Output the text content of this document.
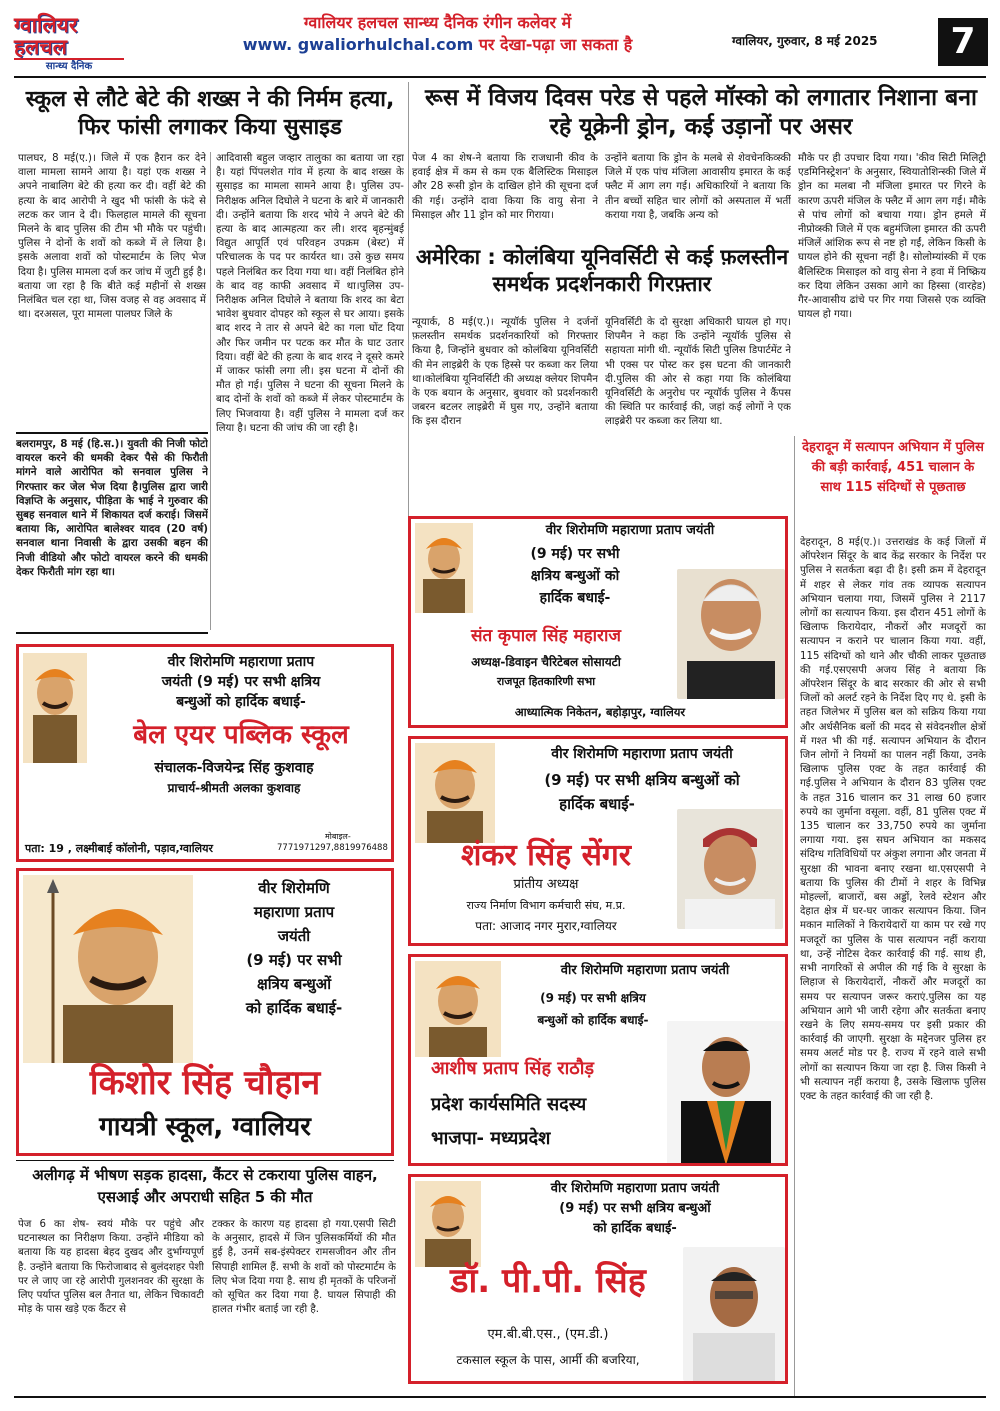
ग्वालियर
हलचल
सान्ध्य दैनिक
ग्वालियर हलचल सान्ध्य दैनिक रंगीन कलेवर में
www. gwaliorhulchal.com पर देखा-पढ़ा जा सकता है	ग्वालियर, गुरुवार, 8 मई 2025	7
स्कूल से लौटे बेटे की शख्स ने की निर्मम हत्या, फिर फांसी लगाकर किया सुसाइड
पालघर, 8 मई(ए.)। जिले में एक हैरान कर देने वाला मामला सामने आया है। यहां एक शख्स ने अपने नाबालिग बेटे की हत्या कर दी। वहीं बेटे की हत्या के बाद आरोपी ने खुद भी फांसी के फंदे से लटक कर जान दे दी। फिलहाल मामले की सूचना मिलने के बाद पुलिस की टीम भी मौके पर पहुंची। पुलिस ने दोनों के शवों को कब्जे में ले लिया है। इसके अलावा शवों को पोस्टमार्टम के लिए भेज दिया है। पुलिस मामला दर्ज कर जांच में जुटी हुई है। बताया जा रहा है कि बीते कई महीनों से शख्स निलंबित चल रहा था, जिस वजह से वह अवसाद में था। दरअसल, पूरा मामला पालघर जिले के
आदिवासी बहुल जव्हार तालुका का बताया जा रहा है। यहां पिंपलशेत गांव में हत्या के बाद शख्स के सुसाइड का मामला सामने आया है। पुलिस उप-निरीक्षक अनिल दिघोले ने घटना के बारे में जानकारी दी। उन्होंने बताया कि शरद भोये ने अपने बेटे की हत्या के बाद आत्महत्या कर ली। शरद बृहन्मुंबई विद्युत आपूर्ति एवं परिवहन उपक्रम (बेस्ट) में परिचालक के पद पर कार्यरत था। उसे कुछ समय पहले निलंबित कर दिया गया था। वहीं निलंबित होने के बाद वह काफी अवसाद में था।पुलिस उप-निरीक्षक अनिल दिघोले ने बताया कि शरद का बेटा भावेश बुधवार दोपहर को स्कूल से घर आया। इसके बाद शरद ने तार से अपने बेटे का गला घोंट दिया और फिर जमीन पर पटक कर मौत के घाट उतार दिया। वहीं बेटे की हत्या के बाद शरद ने दूसरे कमरे में जाकर फांसी लगा ली। इस घटना में दोनों की मौत हो गई। पुलिस ने घटना की सूचना मिलने के बाद दोनों के शवों को कब्जे में लेकर पोस्टमार्टम के लिए भिजवाया है। वहीं पुलिस ने मामला दर्ज कर लिया है। घटना की जांच की जा रही है।
बलरामपुर, 8 मई (हि.स.)। युवती की निजी फोटो वायरल करने की धमकी देकर पैसे की फिरौती मांगने वाले आरोपित को सनवाल पुलिस ने गिरफ्तार कर जेल भेज दिया है।पुलिस द्वारा जारी विज्ञप्ति के अनुसार, पीड़िता के भाई ने गुरुवार की सुबह सनवाल थाने में शिकायत दर्ज कराई। जिसमें बताया कि, आरोपित बालेश्वर यादव (20 वर्ष) सनवाल थाना निवासी के द्वारा उसकी बहन की निजी वीडियो और फोटो वायरल करने की धमकी देकर फिरौती मांग रहा था।
रूस में विजय दिवस परेड से पहले मॉस्को को लगातार निशाना बना रहे यूक्रेनी ड्रोन, कई उड़ानों पर असर
पेज 4 का शेष-ने बताया कि राजधानी कीव के हवाई क्षेत्र में कम से कम एक बैलिस्टिक मिसाइल और 28 रूसी ड्रोन के दाखिल होने की सूचना दर्ज की गई। उन्होंने दावा किया कि वायु सेना ने मिसाइल और 11 ड्रोन को मार गिराया।
उन्होंने बताया कि ड्रोन के मलबे से शेवचेनकिव्स्की जिले में एक पांच मंजिला आवासीय इमारत के कई फ्लैट में आग लग गई। अधिकारियों ने बताया कि तीन बच्चों सहित चार लोगों को अस्पताल में भर्ती कराया गया है, जबकि अन्य को
मौके पर ही उपचार दिया गया। 'कीव सिटी मिलिट्री एडमिनिस्ट्रेशन' के अनुसार, स्वियातोशिन्स्की जिले में ड्रोन का मलबा नौ मंजिला इमारत पर गिरने के कारण ऊपरी मंजिल के फ्लैट में आग लग गई। मौके से पांच लोगों को बचाया गया। ड्रोन हमले में नीप्रोव्स्की जिले में एक बहुमंजिला इमारत की ऊपरी मंजिलें आंशिक रूप से नष्ट हो गईं, लेकिन किसी के घायल होने की सूचना नहीं है। सोलोम्यांस्की में एक बैलिस्टिक मिसाइल को वायु सेना ने हवा में निष्क्रिय कर दिया लेकिन उसका आगे का हिस्सा (वारहेड) गैर-आवासीय ढांचे पर गिर गया जिससे एक व्यक्ति घायल हो गया।
अमेरिका : कोलंबिया यूनिवर्सिटी से कई फ़लस्तीन समर्थक प्रदर्शनकारी गिरफ़्तार
न्यूयार्क, 8 मई(ए.)। न्यूयॉर्क पुलिस ने दर्जनों फ़लस्तीन समर्थक प्रदर्शनकारियों को गिरफ्तार किया है, जिन्होंने बुधवार को कोलंबिया यूनिवर्सिटी की मेन लाइब्रेरी के एक हिस्से पर कब्जा कर लिया था।कोलंबिया यूनिवर्सिटी की अध्यक्ष क्लेयर शिपमैन के एक बयान के अनुसार, बुधवार को प्रदर्शनकारी जबरन बटलर लाइब्रेरी में घुस गए, उन्होंने बताया कि इस दौरान
यूनिवर्सिटी के दो सुरक्षा अधिकारी घायल हो गए।शिपमैन ने कहा कि उन्होंने न्यूयॉर्क पुलिस से सहायता मांगी थी. न्यूयॉर्क सिटी पुलिस डिपार्टमेंट ने भी एक्स पर पोस्ट कर इस घटना की जानकारी दी.पुलिस की ओर से कहा गया कि कोलंबिया यूनिवर्सिटी के अनुरोध पर न्यूयॉर्क पुलिस ने कैंपस की स्थिति पर कार्रवाई की, जहां कई लोगों ने एक लाइब्रेरी पर कब्जा कर लिया था.
देहरादून में सत्यापन अभियान में पुलिस की बड़ी कार्रवाई, 451 चालान के साथ 115 संदिग्धों से पूछताछ
देहरादून, 8 मई(ए.)। उत्तराखंड के कई जिलों में ऑपरेशन सिंदूर के बाद केंद्र सरकार के निर्देश पर पुलिस ने सतर्कता बढ़ा दी है। इसी क्रम में देहरादून में शहर से लेकर गांव तक व्यापक सत्यापन अभियान चलाया गया, जिसमें पुलिस ने 2117 लोगों का सत्यापन किया. इस दौरान 451 लोगों के खिलाफ किरायेदार, नौकरों और मजदूरों का सत्यापन न कराने पर चालान किया गया. वहीं, 115 संदिग्धों को थाने और चौकी लाकर पूछताछ की गई.एसएसपी अजय सिंह ने बताया कि ऑपरेशन सिंदूर के बाद सरकार की ओर से सभी जिलों को अलर्ट रहने के निर्देश दिए गए थे. इसी के तहत जिलेभर में पुलिस बल को सक्रिय किया गया और अर्धसैनिक बलों की मदद से संवेदनशील क्षेत्रों में गश्त भी की गई. सत्यापन अभियान के दौरान जिन लोगों ने नियमों का पालन नहीं किया, उनके खिलाफ पुलिस एक्ट के तहत कार्रवाई की गई.पुलिस ने अभियान के दौरान 83 पुलिस एक्ट के तहत 316 चालान कर 31 लाख 60 हजार रुपये का जुर्माना वसूला. वहीं, 81 पुलिस एक्ट में 135 चालान कर 33,750 रुपये का जुर्माना लगाया गया. इस सघन अभियान का मकसद संदिग्ध गतिविधियों पर अंकुश लगाना और जनता में सुरक्षा की भावना बनाए रखना था.एसएसपी ने बताया कि पुलिस की टीमों ने शहर के विभिन्न मोहल्लों, बाजारों, बस अड्डों, रेलवे स्टेशन और देहात क्षेत्र में घर-घर जाकर सत्यापन किया. जिन मकान मालिकों ने किरायेदारों या काम पर रखे गए मजदूरों का पुलिस के पास सत्यापन नहीं कराया था, उन्हें नोटिस देकर कार्रवाई की गई. साथ ही, सभी नागरिकों से अपील की गई कि वे सुरक्षा के लिहाज से किरायेदारों, नौकरों और मजदूरों का समय पर सत्यापन जरूर कराएं.पुलिस का यह अभियान आगे भी जारी रहेगा और सतर्कता बनाए रखने के लिए समय-समय पर इसी प्रकार की कार्रवाई की जाएगी. सुरक्षा के मद्देनजर पुलिस हर समय अलर्ट मोड पर है. राज्य में रहने वाले सभी लोगों का सत्यापन किया जा रहा है. जिस किसी ने भी सत्यापन नहीं कराया है, उसके खिलाफ पुलिस एक्ट के तहत कार्रवाई की जा रही है.
वीर शिरोमणि महाराणा प्रताप
जयंती (9 मई) पर सभी क्षत्रिय
बन्धुओं को हार्दिक बधाई-
बेल एयर पब्लिक स्कूल
संचालक-विजयेन्द्र सिंह कुशवाह
प्राचार्य-श्रीमती अलका कुशवाह
पता: 19 , लक्ष्मीबाई कॉलोनी, पड़ाव,ग्वालियर
मोबाइल-
7771971297,8819976488
वीर शिरोमणि
महाराणा प्रताप
जयंती
(9 मई) पर सभी
क्षत्रिय बन्धुओं
को हार्दिक बधाई-
किशोर सिंह चौहान
गायत्री स्कूल, ग्वालियर
वीर शिरोमणि महाराणा प्रताप जयंती
(9 मई) पर सभी
क्षत्रिय बन्धुओं को
हार्दिक बधाई-
संत कृपाल सिंह महाराज
अध्यक्ष-डिवाइन चैरिटेबल सोसायटी
राजपूत हितकारिणी सभा
आध्यात्मिक निकेतन, बहोड़ापुर, ग्वालियर
वीर शिरोमणि महाराणा प्रताप जयंती
(9 मई) पर सभी क्षत्रिय बन्धुओं को
हार्दिक बधाई-
शंकर सिंह सेंगर
प्रांतीय अध्यक्ष
राज्य निर्माण विभाग कर्मचारी संघ, म.प्र.
पता: आजाद नगर मुरार,ग्वालियर
वीर शिरोमणि महाराणा प्रताप जयंती
(9 मई) पर सभी क्षत्रिय
बन्धुओं को हार्दिक बधाई-
आशीष प्रताप सिंह राठौड़
प्रदेश कार्यसमिति सदस्य
भाजपा- मध्यप्रदेश
वीर शिरोमणि महाराणा प्रताप जयंती
(9 मई) पर सभी क्षत्रिय बन्धुओं
को हार्दिक बधाई-
डॉ. पी.पी. सिंह
एम.बी.बी.एस., (एम.डी.)
टकसाल स्कूल के पास, आर्मी की बजरिया,
अलीगढ़ में भीषण सड़क हादसा, कैंटर से टकराया पुलिस वाहन, एसआई और अपराधी सहित 5 की मौत
पेज 6 का शेष- स्वयं मौके पर पहुंचे और घटनास्थल का निरीक्षण किया. उन्होंने मीडिया को बताया कि यह हादसा बेहद दुखद और दुर्भाग्यपूर्ण है. उन्होंने बताया कि फिरोजाबाद से बुलंदशहर पेशी पर ले जाए जा रहे आरोपी गुलशनवर की सुरक्षा के लिए पर्याप्त पुलिस बल तैनात था, लेकिन चिकावटी मोड़ के पास खड़े एक कैंटर से
टक्कर के कारण यह हादसा हो गया.एसपी सिटी के अनुसार, हादसे में जिन पुलिसकर्मियों की मौत हुई है, उनमें सब-इंस्पेक्टर रामसजीवन और तीन सिपाही शामिल हैं. सभी के शवों को पोस्टमार्टम के लिए भेज दिया गया है. साथ ही मृतकों के परिजनों को सूचित कर दिया गया है. घायल सिपाही की हालत गंभीर बताई जा रही है.
